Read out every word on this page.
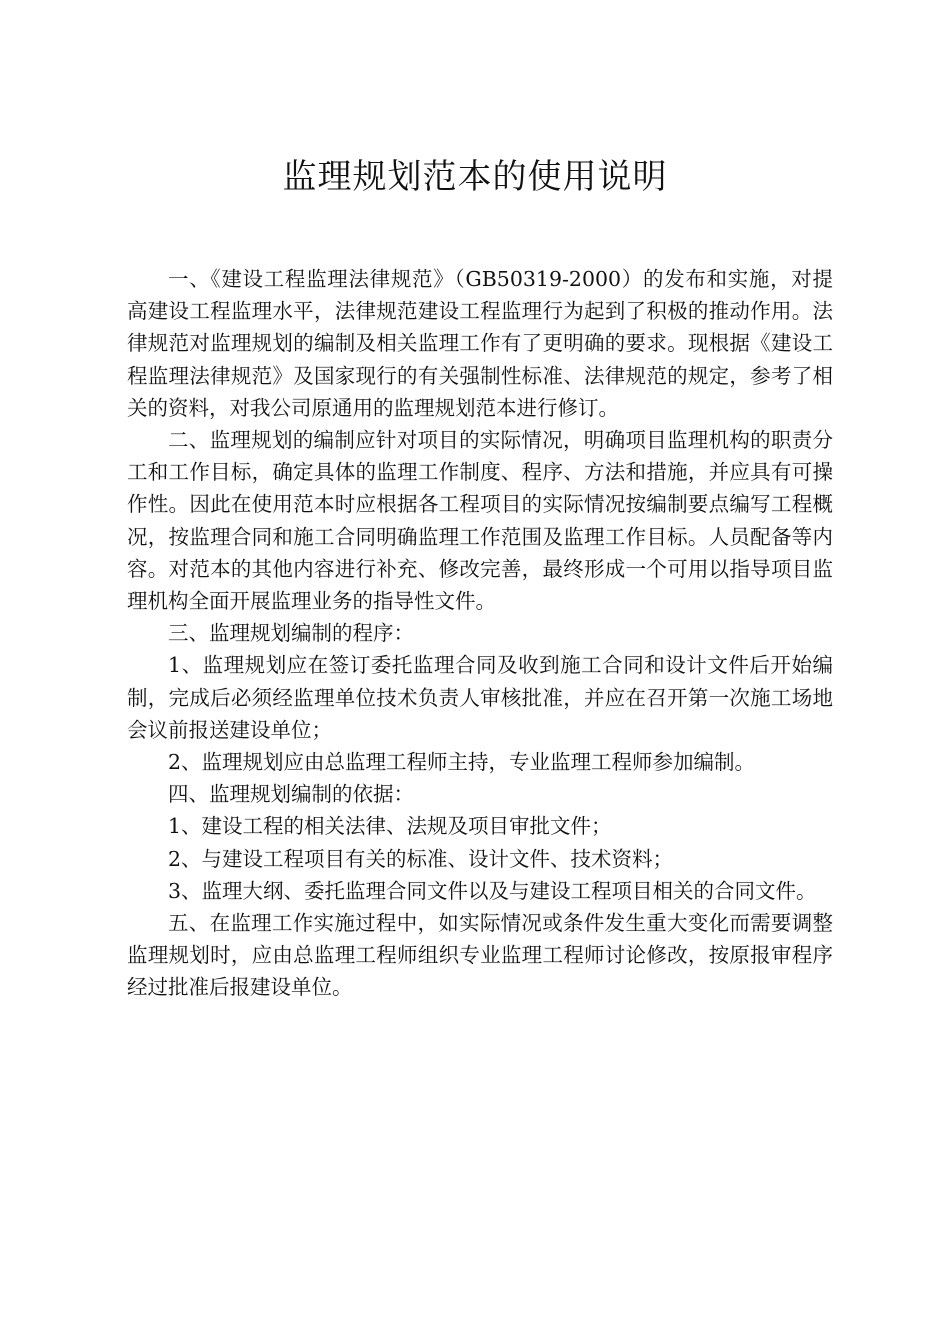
监理规划范本的使用说明

一、《建设工程监理法律规范》（GB50319-2000）的发布和实施，对提高建设工程监理水平，法律规范建设工程监理行为起到了积极的推动作用。法律规范对监理规划的编制及相关监理工作有了更明确的要求。现根据《建设工程监理法律规范》及国家现行的有关强制性标准、法律规范的规定，参考了相关的资料，对我公司原通用的监理规划范本进行修订。

二、监理规划的编制应针对项目的实际情况，明确项目监理机构的职责分工和工作目标，确定具体的监理工作制度、程序、方法和措施，并应具有可操作性。因此在使用范本时应根据各工程项目的实际情况按编制要点编写工程概况，按监理合同和施工合同明确监理工作范围及监理工作目标。人员配备等内容。对范本的其他内容进行补充、修改完善，最终形成一个可用以指导项目监理机构全面开展监理业务的指导性文件。

三、监理规划编制的程序：

1、监理规划应在签订委托监理合同及收到施工合同和设计文件后开始编制，完成后必须经监理单位技术负责人审核批准，并应在召开第一次施工场地会议前报送建设单位；

2、监理规划应由总监理工程师主持，专业监理工程师参加编制。

四、监理规划编制的依据：

1、建设工程的相关法律、法规及项目审批文件；

2、与建设工程项目有关的标准、设计文件、技术资料；

3、监理大纲、委托监理合同文件以及与建设工程项目相关的合同文件。

五、在监理工作实施过程中，如实际情况或条件发生重大变化而需要调整监理规划时，应由总监理工程师组织专业监理工程师讨论修改，按原报审程序经过批准后报建设单位。
